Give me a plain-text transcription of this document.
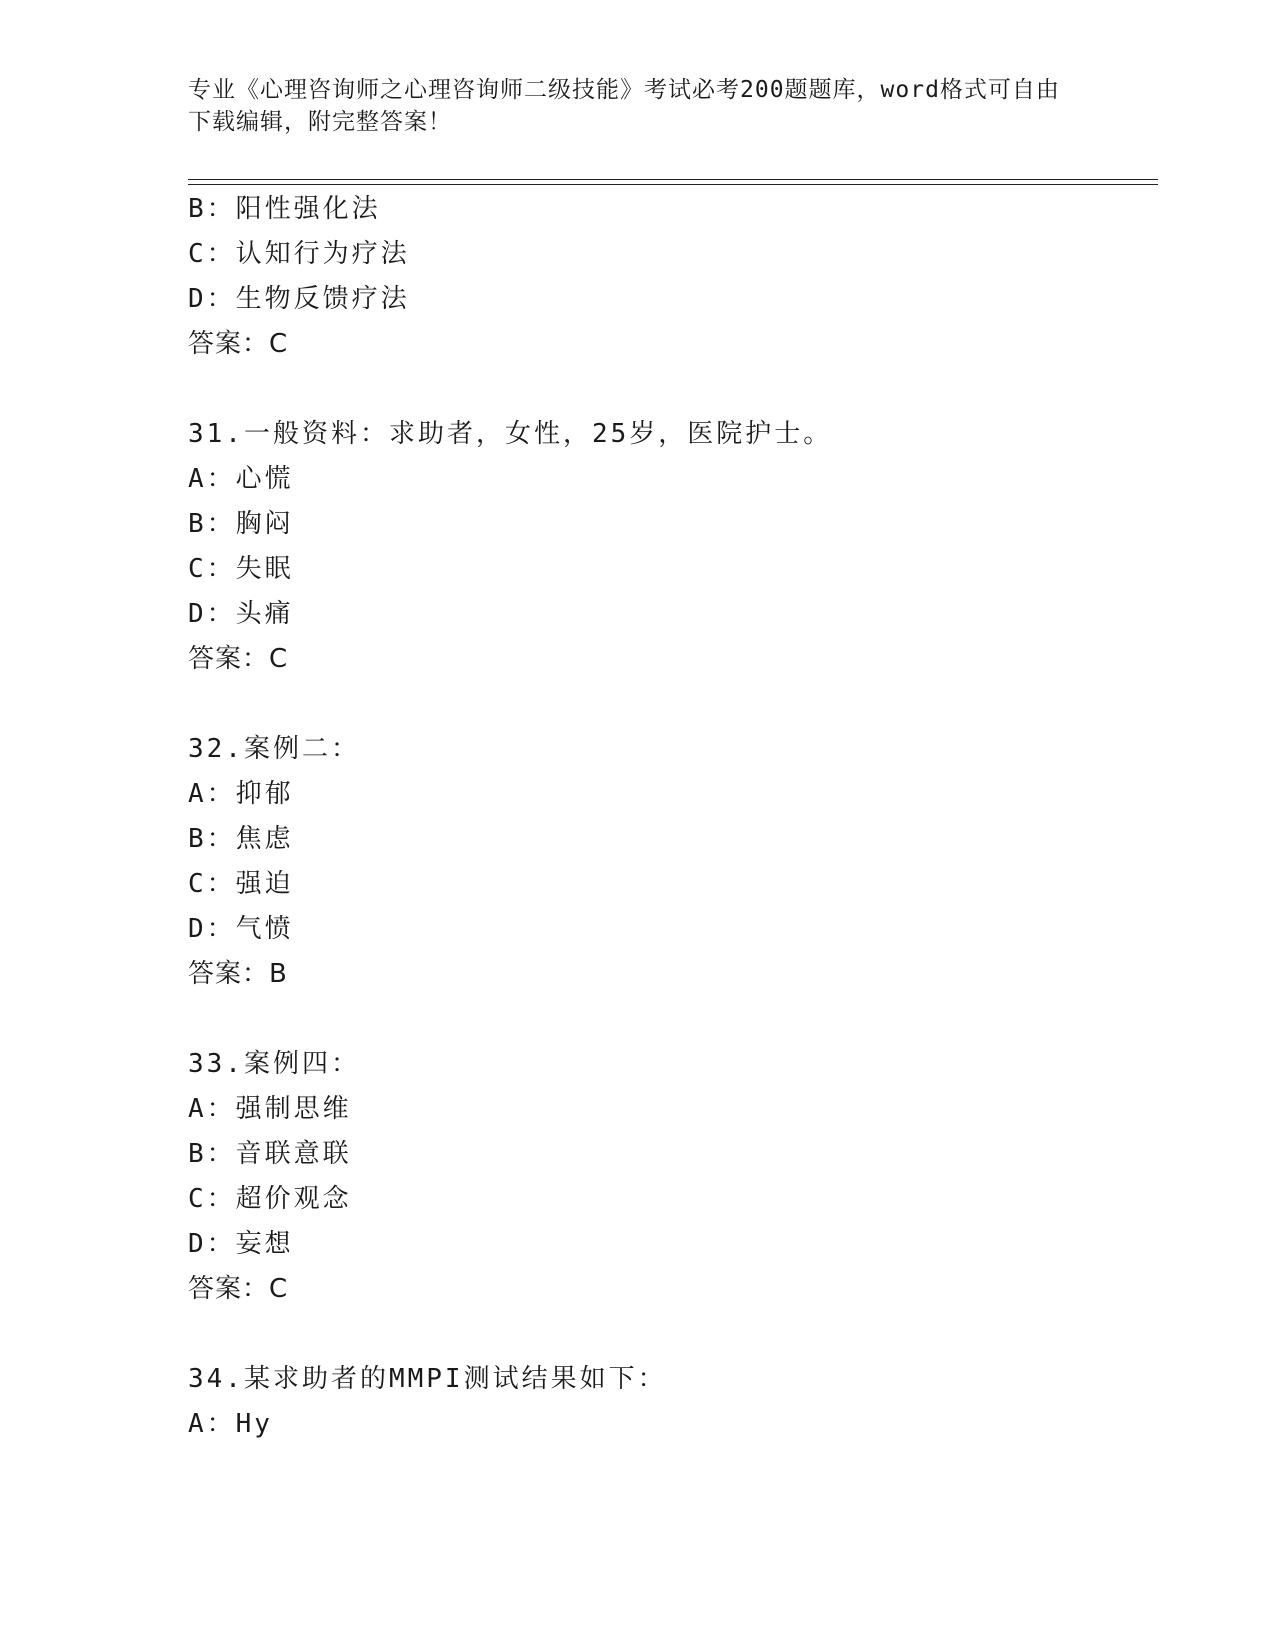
专业《心理咨询师之心理咨询师二级技能》考试必考200题题库，word格式可自由下载编辑，附完整答案！
B：阳性强化法
C：认知行为疗法
D：生物反馈疗法
答案：C
31.一般资料：求助者，女性，25岁，医院护士。
A：心慌
B：胸闷
C：失眠
D：头痛
答案：C
32.案例二：
A：抑郁
B：焦虑
C：强迫
D：气愤
答案：B
33.案例四：
A：强制思维
B：音联意联
C：超价观念
D：妄想
答案：C
34.某求助者的MMPI测试结果如下：
A：Hy
